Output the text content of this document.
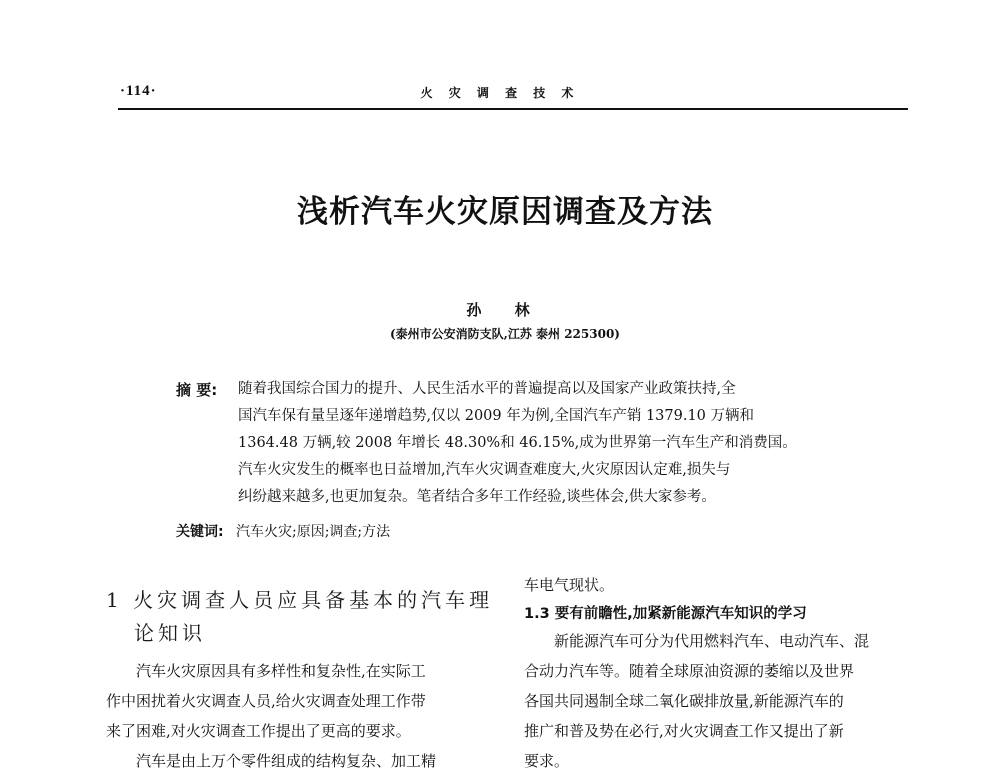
·114·	火 灾 调 查 技 术
浅析汽车火灾原因调查及方法
孙 林
(泰州市公安消防支队,江苏 泰州 225300)
摘 要: 随着我国综合国力的提升、人民生活水平的普遍提高以及国家产业政策扶持,全
国汽车保有量呈逐年递增趋势,仅以 2009 年为例,全国汽车产销 1379.10 万辆和
1364.48 万辆,较 2008 年增长 48.30%和 46.15%,成为世界第一汽车生产和消费国。
汽车火灾发生的概率也日益增加,汽车火灾调查难度大,火灾原因认定难,损失与
纠纷越来越多,也更加复杂。笔者结合多年工作经验,谈些体会,供大家参考。
关键词: 汽车火灾;原因;调查;方法
1 火灾调查人员应具备基本的汽车理
论知识
汽车火灾原因具有多样性和复杂性,在实际工
作中困扰着火灾调查人员,给火灾调查处理工作带
来了困难,对火灾调查工作提出了更高的要求。
汽车是由上万个零件组成的结构复杂、加工精
车电气现状。
1.3 要有前瞻性,加紧新能源汽车知识的学习
新能源汽车可分为代用燃料汽车、电动汽车、混
合动力汽车等。随着全球原油资源的萎缩以及世界
各国共同遏制全球二氧化碳排放量,新能源汽车的
推广和普及势在必行,对火灾调查工作又提出了新
要求。
